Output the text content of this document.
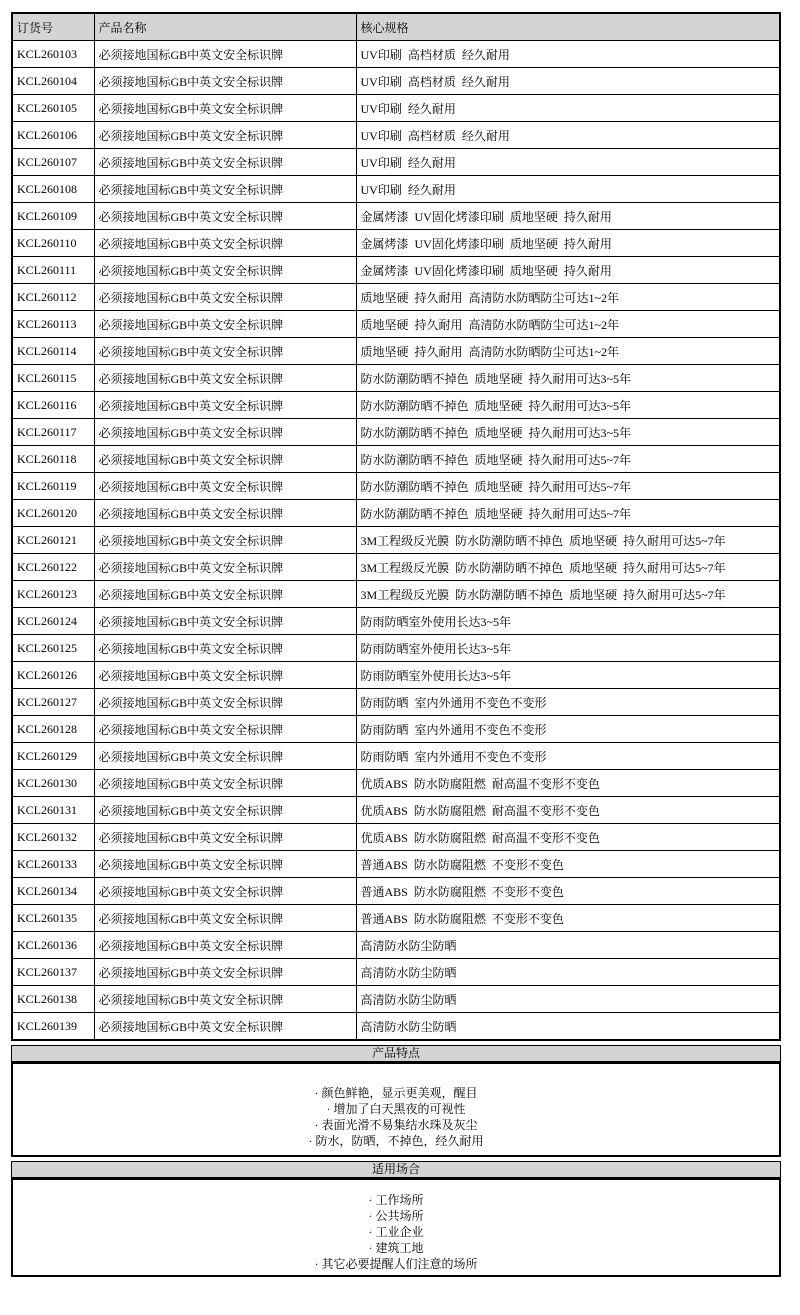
订货号	产品名称	核心规格
KCL260103	必须接地国标GB中英文安全标识牌	UV印刷  高档材质  经久耐用
KCL260104	必须接地国标GB中英文安全标识牌	UV印刷  高档材质  经久耐用
KCL260105	必须接地国标GB中英文安全标识牌	UV印刷  经久耐用
KCL260106	必须接地国标GB中英文安全标识牌	UV印刷  高档材质  经久耐用
KCL260107	必须接地国标GB中英文安全标识牌	UV印刷  经久耐用
KCL260108	必须接地国标GB中英文安全标识牌	UV印刷  经久耐用
KCL260109	必须接地国标GB中英文安全标识牌	金属烤漆  UV固化烤漆印刷  质地坚硬  持久耐用
KCL260110	必须接地国标GB中英文安全标识牌	金属烤漆  UV固化烤漆印刷  质地坚硬  持久耐用
KCL260111	必须接地国标GB中英文安全标识牌	金属烤漆  UV固化烤漆印刷  质地坚硬  持久耐用
KCL260112	必须接地国标GB中英文安全标识牌	质地坚硬  持久耐用  高清防水防晒防尘可达1~2年
KCL260113	必须接地国标GB中英文安全标识牌	质地坚硬  持久耐用  高清防水防晒防尘可达1~2年
KCL260114	必须接地国标GB中英文安全标识牌	质地坚硬  持久耐用  高清防水防晒防尘可达1~2年
KCL260115	必须接地国标GB中英文安全标识牌	防水防潮防晒不掉色  质地坚硬  持久耐用可达3~5年
KCL260116	必须接地国标GB中英文安全标识牌	防水防潮防晒不掉色  质地坚硬  持久耐用可达3~5年
KCL260117	必须接地国标GB中英文安全标识牌	防水防潮防晒不掉色  质地坚硬  持久耐用可达3~5年
KCL260118	必须接地国标GB中英文安全标识牌	防水防潮防晒不掉色  质地坚硬  持久耐用可达5~7年
KCL260119	必须接地国标GB中英文安全标识牌	防水防潮防晒不掉色  质地坚硬  持久耐用可达5~7年
KCL260120	必须接地国标GB中英文安全标识牌	防水防潮防晒不掉色  质地坚硬  持久耐用可达5~7年
KCL260121	必须接地国标GB中英文安全标识牌	3M工程级反光膜  防水防潮防晒不掉色  质地坚硬  持久耐用可达5~7年
KCL260122	必须接地国标GB中英文安全标识牌	3M工程级反光膜  防水防潮防晒不掉色  质地坚硬  持久耐用可达5~7年
KCL260123	必须接地国标GB中英文安全标识牌	3M工程级反光膜  防水防潮防晒不掉色  质地坚硬  持久耐用可达5~7年
KCL260124	必须接地国标GB中英文安全标识牌	防雨防晒室外使用长达3~5年
KCL260125	必须接地国标GB中英文安全标识牌	防雨防晒室外使用长达3~5年
KCL260126	必须接地国标GB中英文安全标识牌	防雨防晒室外使用长达3~5年
KCL260127	必须接地国标GB中英文安全标识牌	防雨防晒  室内外通用不变色不变形
KCL260128	必须接地国标GB中英文安全标识牌	防雨防晒  室内外通用不变色不变形
KCL260129	必须接地国标GB中英文安全标识牌	防雨防晒  室内外通用不变色不变形
KCL260130	必须接地国标GB中英文安全标识牌	优质ABS  防水防腐阻燃  耐高温不变形不变色
KCL260131	必须接地国标GB中英文安全标识牌	优质ABS  防水防腐阻燃  耐高温不变形不变色
KCL260132	必须接地国标GB中英文安全标识牌	优质ABS  防水防腐阻燃  耐高温不变形不变色
KCL260133	必须接地国标GB中英文安全标识牌	普通ABS  防水防腐阻燃  不变形不变色
KCL260134	必须接地国标GB中英文安全标识牌	普通ABS  防水防腐阻燃  不变形不变色
KCL260135	必须接地国标GB中英文安全标识牌	普通ABS  防水防腐阻燃  不变形不变色
KCL260136	必须接地国标GB中英文安全标识牌	高清防水防尘防晒
KCL260137	必须接地国标GB中英文安全标识牌	高清防水防尘防晒
KCL260138	必须接地国标GB中英文安全标识牌	高清防水防尘防晒
KCL260139	必须接地国标GB中英文安全标识牌	高清防水防尘防晒
产品特点
· 颜色鲜艳，显示更美观，醒目
· 增加了白天黑夜的可视性
· 表面光滑不易集结水珠及灰尘
· 防水，防晒，不掉色，经久耐用
适用场合
· 工作场所
· 公共场所
· 工业企业
· 建筑工地
· 其它必要提醒人们注意的场所
